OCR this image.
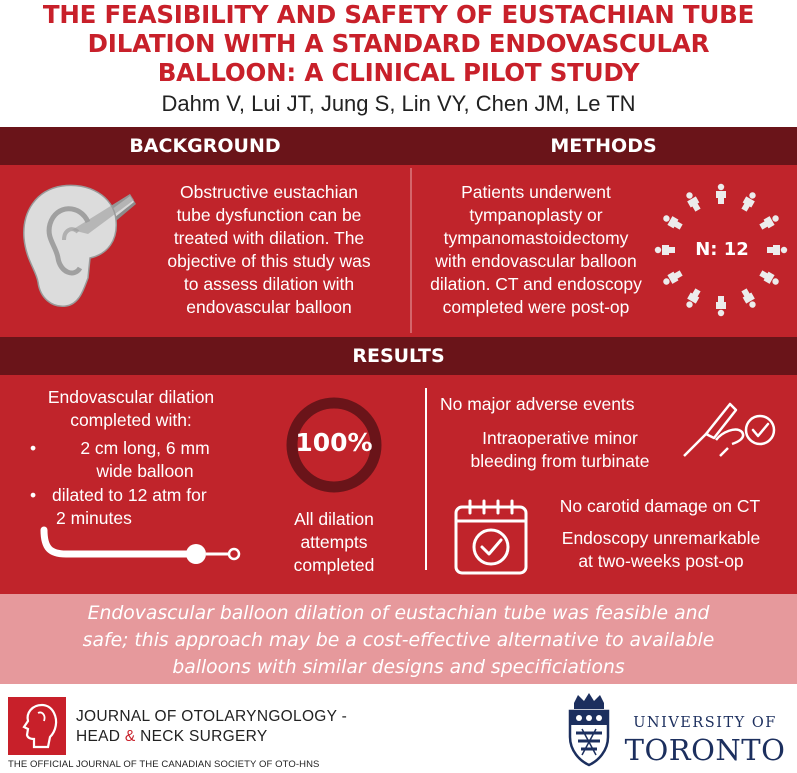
THE FEASIBILITY AND SAFETY OF EUSTACHIAN TUBE
DILATION WITH A STANDARD ENDOVASCULAR
BALLOON: A CLINICAL PILOT STUDY
Dahm V, Lui JT, Jung S, Lin VY, Chen JM, Le TN
BACKGROUND	METHODS
Obstructive eustachian
tube dysfunction can be
treated with dilation. The
objective of this study was
to assess dilation with
endovascular balloon
Patients underwent
tympanoplasty or
tympanomastoidectomy
with endovascular balloon
dilation. CT and endoscopy
completed were post-op
N: 12
RESULTS
Endovascular dilation
completed with:
•	2 cm long, 6 mm
wide balloon
• dilated to 12 atm for
2 minutes
100%
All dilation
attempts
completed
No major adverse events
Intraoperative minor
bleeding from turbinate
No carotid damage on CT
Endoscopy unremarkable
at two-weeks post-op
Endovascular balloon dilation of eustachian tube was feasible and
safe; this approach may be a cost-effective alternative to available
balloons with similar designs and specificiations
JOURNAL OF OTOLARYNGOLOGY -
HEAD & NECK SURGERY
THE OFFICIAL JOURNAL OF THE CANADIAN SOCIETY OF OTO-HNS
UNIVERSITY OF
TORONTO
